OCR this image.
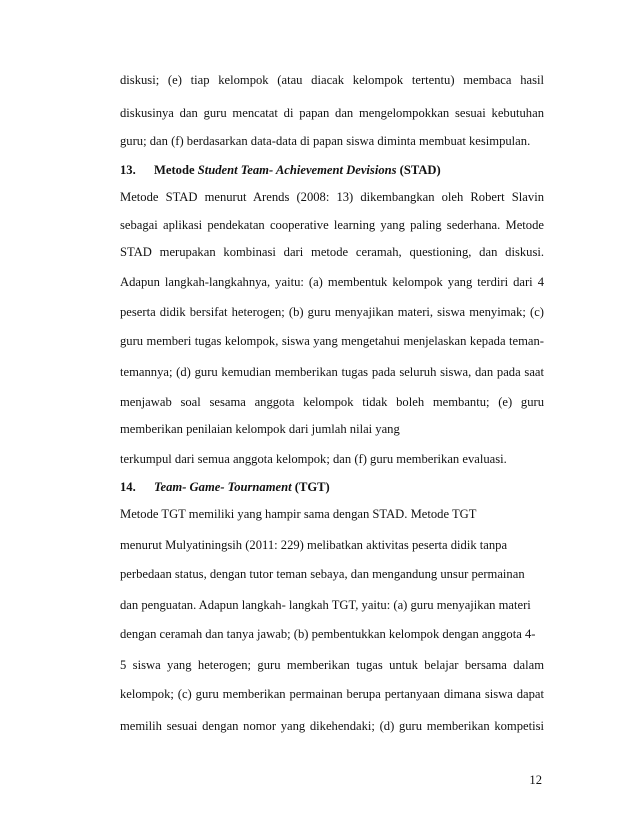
diskusi; (e) tiap kelompok (atau diacak kelompok tertentu) membaca hasil
diskusinya dan guru mencatat di papan dan mengelompokkan sesuai kebutuhan
guru; dan (f) berdasarkan data-data di papan siswa diminta membuat kesimpulan.
13. Metode Student Team- Achievement Devisions (STAD)
Metode STAD menurut Arends (2008: 13) dikembangkan oleh Robert Slavin
sebagai aplikasi pendekatan cooperative learning yang paling sederhana. Metode
STAD merupakan kombinasi dari metode ceramah, questioning, dan diskusi.
Adapun langkah-langkahnya, yaitu: (a) membentuk kelompok yang terdiri dari 4
peserta didik bersifat heterogen; (b) guru menyajikan materi, siswa menyimak; (c)
guru memberi tugas kelompok, siswa yang mengetahui menjelaskan kepada teman-
temannya; (d) guru kemudian memberikan tugas pada seluruh siswa, dan pada saat
menjawab soal sesama anggota kelompok tidak boleh membantu; (e) guru
memberikan penilaian kelompok dari jumlah nilai yang
terkumpul dari semua anggota kelompok; dan (f) guru memberikan evaluasi.
14. Team- Game- Tournament (TGT)
Metode TGT memiliki yang hampir sama dengan STAD. Metode TGT
menurut Mulyatiningsih (2011: 229) melibatkan aktivitas peserta didik tanpa
perbedaan status, dengan tutor teman sebaya, dan mengandung unsur permainan
dan penguatan. Adapun langkah- langkah TGT, yaitu: (a) guru menyajikan materi
dengan ceramah dan tanya jawab; (b) pembentukkan kelompok dengan anggota 4-
5 siswa yang heterogen; guru memberikan tugas untuk belajar bersama dalam
kelompok; (c) guru memberikan permainan berupa pertanyaan dimana siswa dapat
memilih sesuai dengan nomor yang dikehendaki; (d) guru memberikan kompetisi
12
